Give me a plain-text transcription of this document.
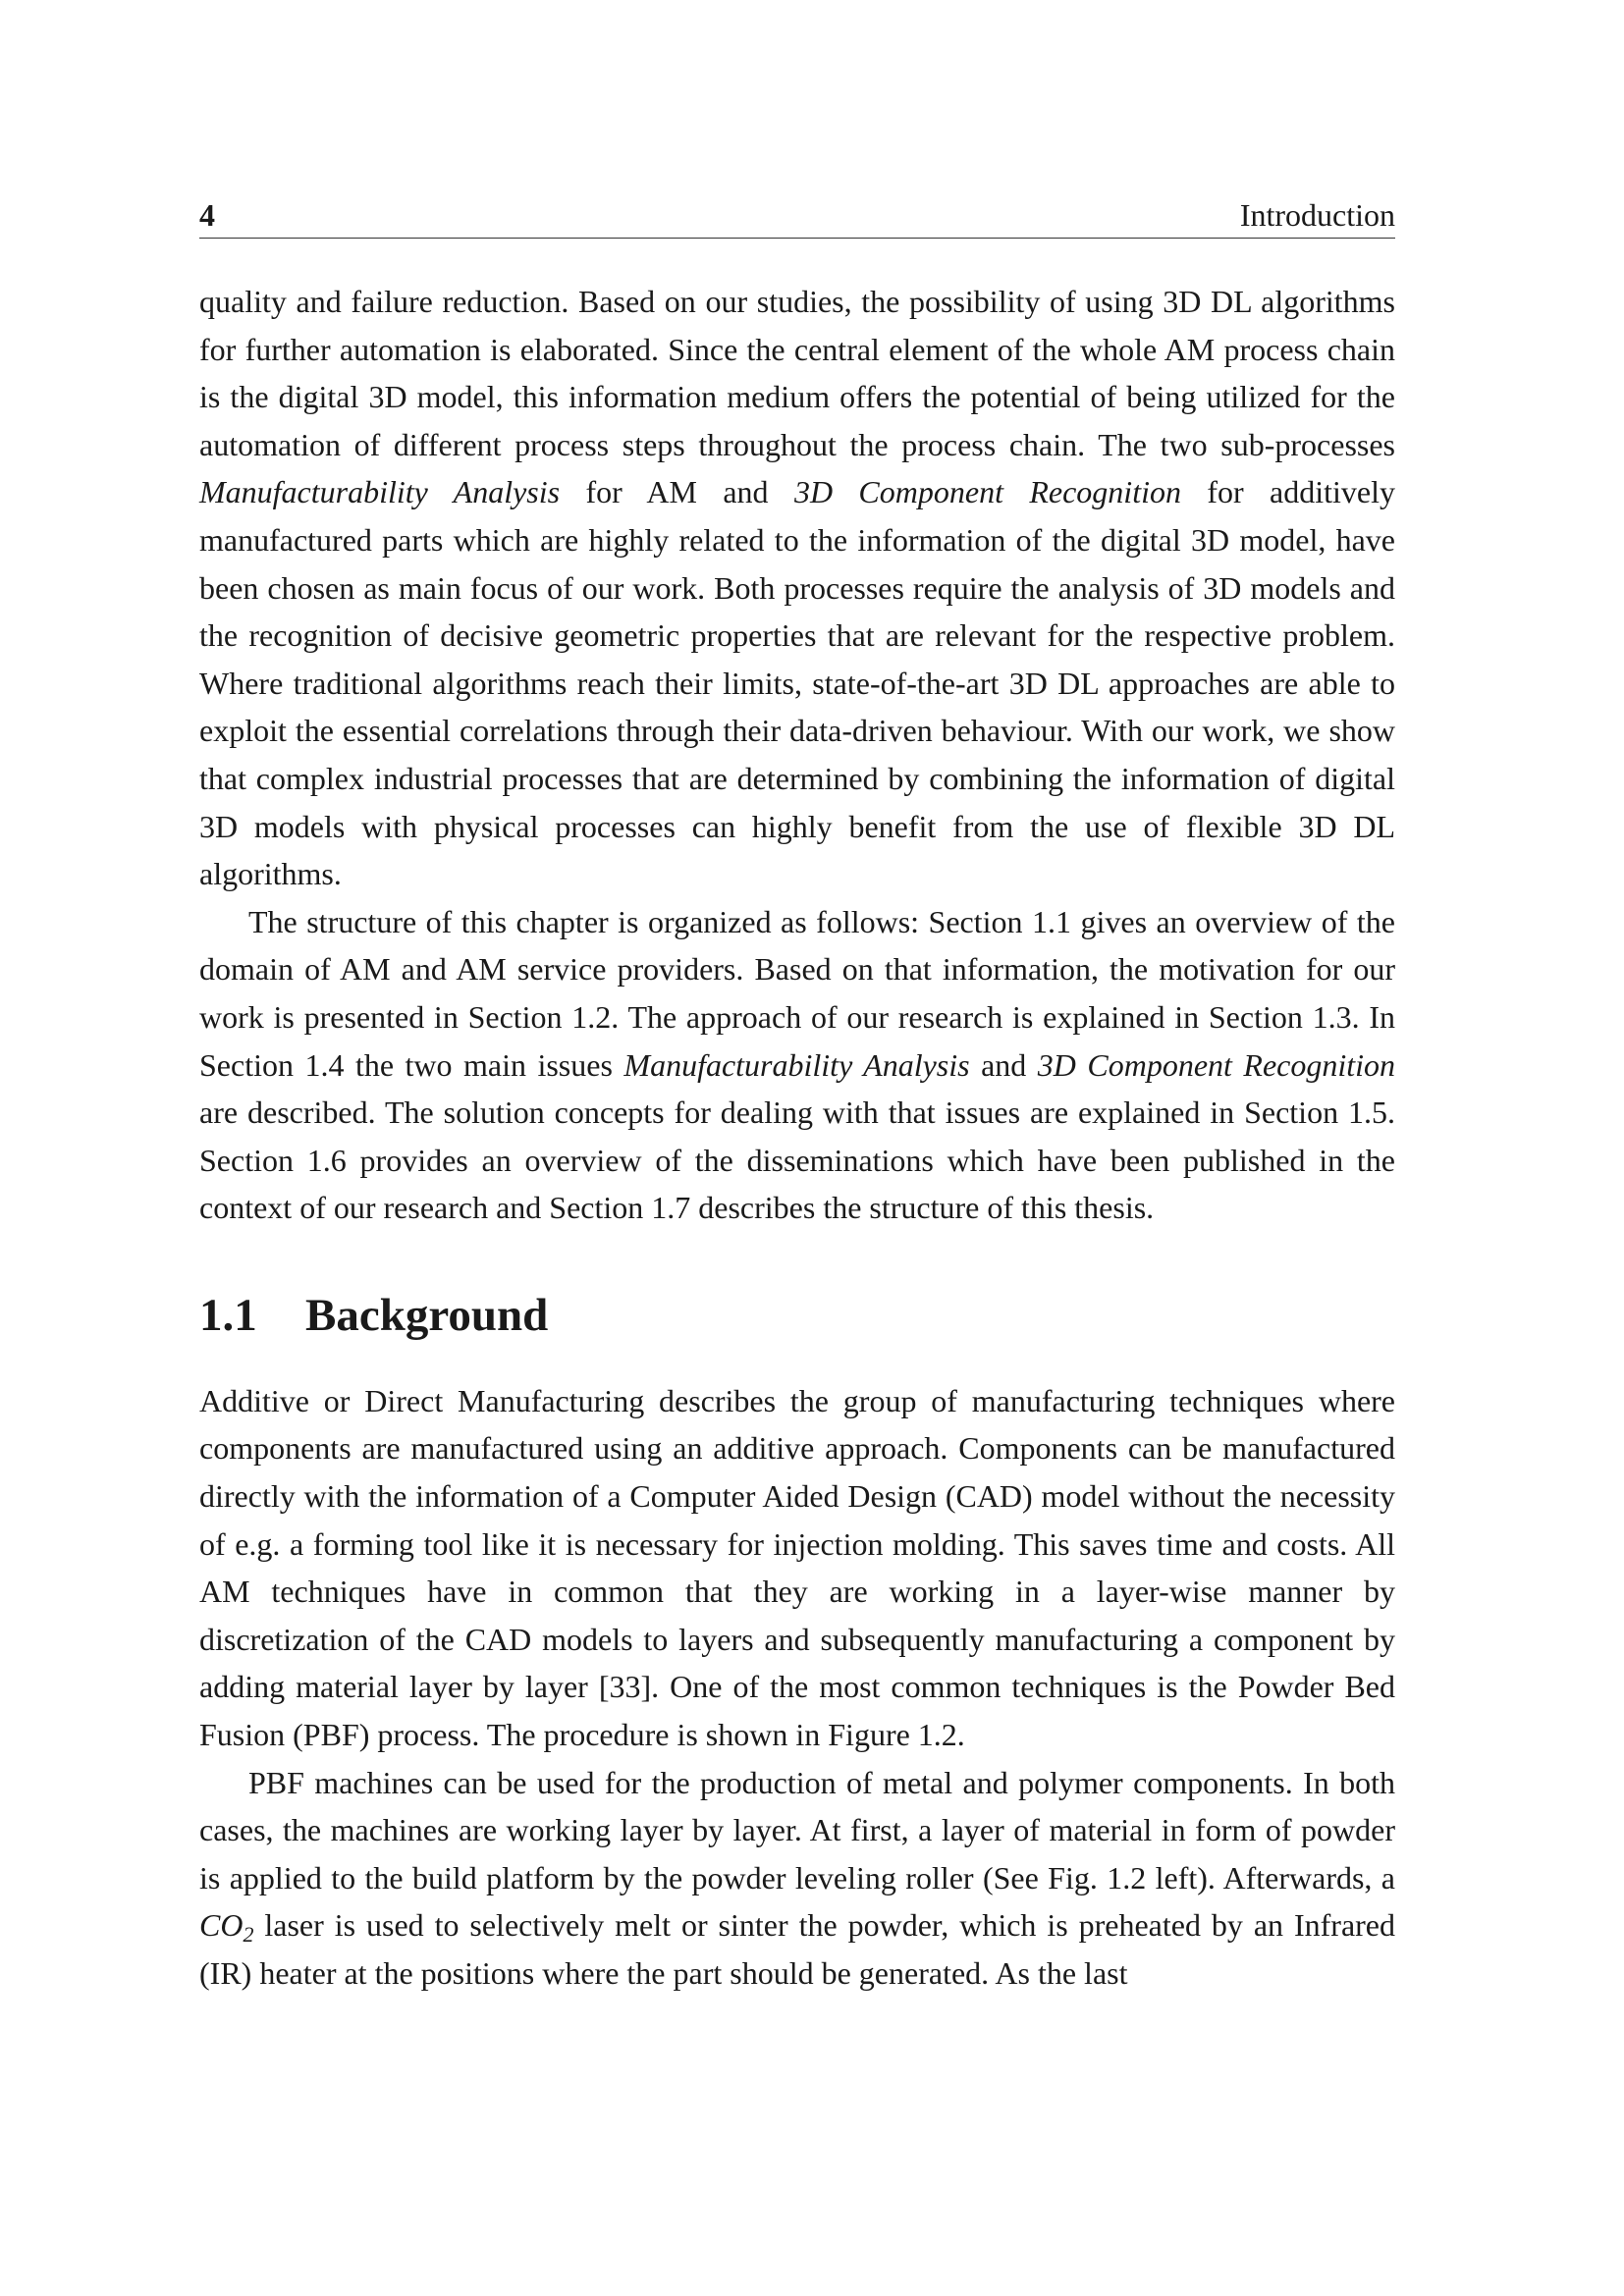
4	Introduction

quality and failure reduction. Based on our studies, the possibility of using 3D DL algorithms for further automation is elaborated. Since the central element of the whole AM process chain is the digital 3D model, this information medium offers the potential of being utilized for the automation of different process steps throughout the process chain. The two sub-processes Manufacturability Analysis for AM and 3D Component Recognition for additively manufactured parts which are highly related to the information of the digital 3D model, have been chosen as main focus of our work. Both processes require the analysis of 3D models and the recognition of decisive geometric properties that are relevant for the respective problem. Where traditional algorithms reach their limits, state-of-the-art 3D DL approaches are able to exploit the essential correlations through their data-driven behaviour. With our work, we show that complex industrial processes that are determined by combining the information of digital 3D models with physical processes can highly benefit from the use of flexible 3D DL algorithms.

The structure of this chapter is organized as follows: Section 1.1 gives an overview of the domain of AM and AM service providers. Based on that information, the motivation for our work is presented in Section 1.2. The approach of our research is explained in Section 1.3. In Section 1.4 the two main issues Manufacturability Analysis and 3D Component Recognition are described. The solution concepts for dealing with that issues are explained in Section 1.5. Section 1.6 provides an overview of the disseminations which have been published in the context of our research and Section 1.7 describes the structure of this thesis.

1.1	Background

Additive or Direct Manufacturing describes the group of manufacturing techniques where components are manufactured using an additive approach. Components can be manufactured directly with the information of a Computer Aided Design (CAD) model without the necessity of e.g. a forming tool like it is necessary for injection molding. This saves time and costs. All AM techniques have in common that they are working in a layer-wise manner by discretization of the CAD models to layers and subsequently manufacturing a component by adding material layer by layer [33]. One of the most common techniques is the Powder Bed Fusion (PBF) process. The procedure is shown in Figure 1.2.

PBF machines can be used for the production of metal and polymer components. In both cases, the machines are working layer by layer. At first, a layer of material in form of powder is applied to the build platform by the powder leveling roller (See Fig. 1.2 left). Afterwards, a $CO_2$ laser is used to selectively melt or sinter the powder, which is preheated by an Infrared (IR) heater at the positions where the part should be generated. As the last
